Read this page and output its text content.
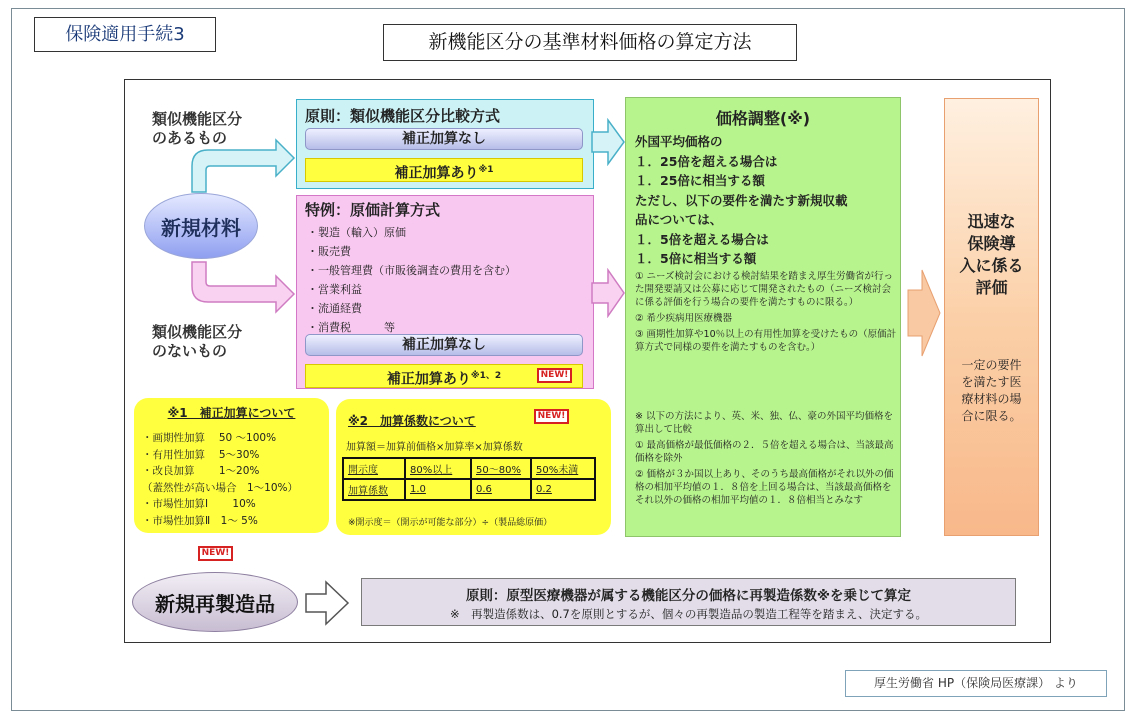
保険適用手続3	新機能区分の基準材料価格の算定方法
類似機能区分
のあるもの
類似機能区分
のないもの
新規材料
原則：類似機能区分比較方式
補正加算なし
補正加算あり$^{※1}$
特例：原価計算方式
・製造（輸入）原価
・販売費
・一般管理費（市販後調査の費用を含む）
・営業利益
・流通経費
・消費税　　　等
補正加算なし
補正加算あり$^{※1、2}$	NEW!
価格調整(※)
外国平均価格の
１．25倍を超える場合は
１．25倍に相当する額
ただし、以下の要件を満たす新規収載
品については、
１．5倍を超える場合は
１．5倍に相当する額
① ニーズ検討会における検討結果を踏まえ厚生労働省が行った開発要請又は公募に応じて開発されたもの（ニーズ検討会に係る評価を行う場合の要件を満たすものに限る。）
② 希少疾病用医療機器
③ 画期性加算や10％以上の有用性加算を受けたもの（原価計算方式で同様の要件を満たすものを含む。）
※ 以下の方法により、英、米、独、仏、豪の外国平均価格を算出して比較
① 最高価格が最低価格の２．５倍を超える場合は、当該最高価格を除外
② 価格が３か国以上あり、そのうち最高価格がそれ以外の価格の相加平均値の１．８倍を上回る場合は、当該最高価格をそれ以外の価格の相加平均値の１．８倍相当とみなす
迅速な
保険導
入に係る
評価
一定の要件
を満たす医
療材料の場
合に限る。
※1　補正加算について
・画期性加算　 50 ～100%
・有用性加算　 5～30%
・改良加算　　 1～20%
（蓋然性が高い場合　1～10%）
・市場性加算Ⅰ　　 10%
・市場性加算Ⅱ　1～ 5%
※2　加算係数について	NEW!
加算額＝加算前価格×加算率×加算係数
開示度	80%以上	50～80%	50%未満
加算係数	1.0	0.6	0.2
※開示度＝（開示が可能な部分）÷（製品総原価）
NEW!
新規再製造品	原則：原型医療機器が属する機能区分の価格に再製造係数※を乗じて算定
※　再製造係数は、0.7を原則とするが、個々の再製造品の製造工程等を踏まえ、決定する。
厚生労働省 HP（保険局医療課） より
